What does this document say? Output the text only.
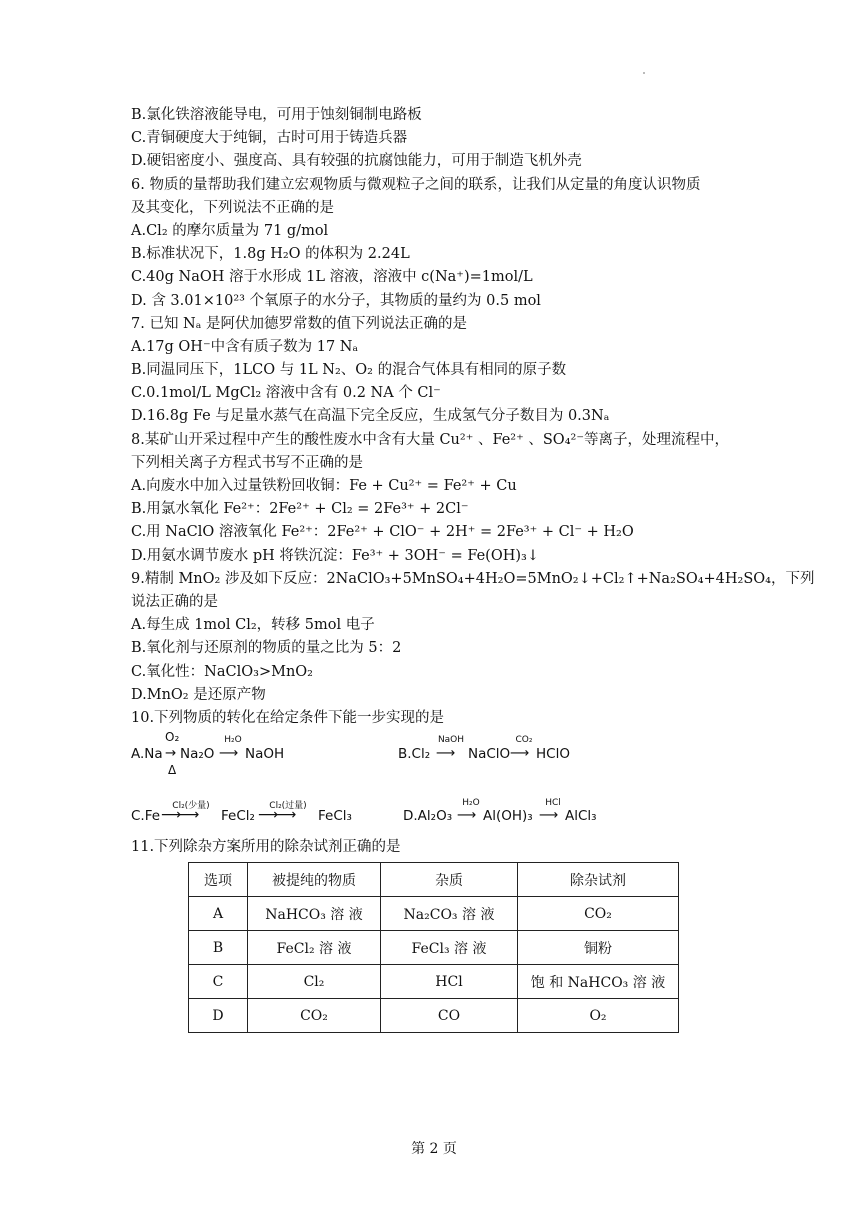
B.氯化铁溶液能导电，可用于蚀刻铜制电路板
C.青铜硬度大于纯铜，古时可用于铸造兵器
D.硬铝密度小、强度高、具有较强的抗腐蚀能力，可用于制造飞机外壳
6. 物质的量帮助我们建立宏观物质与微观粒子之间的联系，让我们从定量的角度认识物质
及其变化，下列说法不正确的是
A.Cl₂ 的摩尔质量为 71 g/mol
B.标准状况下，1.8g H₂O 的体积为 2.24L
C.40g NaOH 溶于水形成 1L 溶液，溶液中 c(Na⁺)=1mol/L
D. 含 3.01×10²³ 个氧原子的水分子，其物质的量约为 0.5 mol
7. 已知 Nₐ 是阿伏加德罗常数的值下列说法正确的是
A.17g OH⁻中含有质子数为 17 Nₐ
B.同温同压下，1LCO 与 1L N₂、O₂ 的混合气体具有相同的原子数
C.0.1mol/L MgCl₂ 溶液中含有 0.2 NA 个 Cl⁻
D.16.8g Fe 与足量水蒸气在高温下完全反应，生成氢气分子数目为 0.3Nₐ
8.某矿山开采过程中产生的酸性废水中含有大量 Cu²⁺ 、Fe²⁺ 、SO₄²⁻等离子，处理流程中，
下列相关离子方程式书写不正确的是
A.向废水中加入过量铁粉回收铜：Fe + Cu²⁺ = Fe²⁺ + Cu
B.用氯水氧化 Fe²⁺：2Fe²⁺ + Cl₂ = 2Fe³⁺ + 2Cl⁻
C.用 NaClO 溶液氧化 Fe²⁺：2Fe²⁺ + ClO⁻ + 2H⁺ = 2Fe³⁺ + Cl⁻ + H₂O
D.用氨水调节废水 pH 将铁沉淀：Fe³⁺ + 3OH⁻ = Fe(OH)₃↓
9.精制 MnO₂ 涉及如下反应：2NaClO₃+5MnSO₄+4H₂O=5MnO₂↓+Cl₂↑+Na₂SO₄+4H₂SO₄，下列
说法正确的是
A.每生成 1mol Cl₂，转移 5mol 电子
B.氧化剂与还原剂的物质的量之比为 5：2
C.氧化性：NaClO₃>MnO₂
D.MnO₂ 是还原产物
10.下列物质的转化在给定条件下能一步实现的是
O₂
A.Na →
Δ
Na₂O
H₂O
⟶ NaOH	B.Cl₂
NaOH
⟶ NaClO
CO₂
⟶ HClO
C.Fe
Cl₂(少量)
⟶⟶ FeCl₂
Cl₂(过量)
⟶⟶ FeCl₃	D.Al₂O₃
H₂O
⟶ Al(OH)₃
HCl
⟶ AlCl₃
11.下列除杂方案所用的除杂试剂正确的是
选项	被提纯的物质	杂质	除杂试剂
A	NaHCO₃ 溶 液	Na₂CO₃ 溶 液	CO₂
B	FeCl₂ 溶 液	FeCl₃ 溶 液	铜粉
C	Cl₂	HCl	饱 和 NaHCO₃ 溶 液
D	CO₂	CO	O₂
第 2 页
